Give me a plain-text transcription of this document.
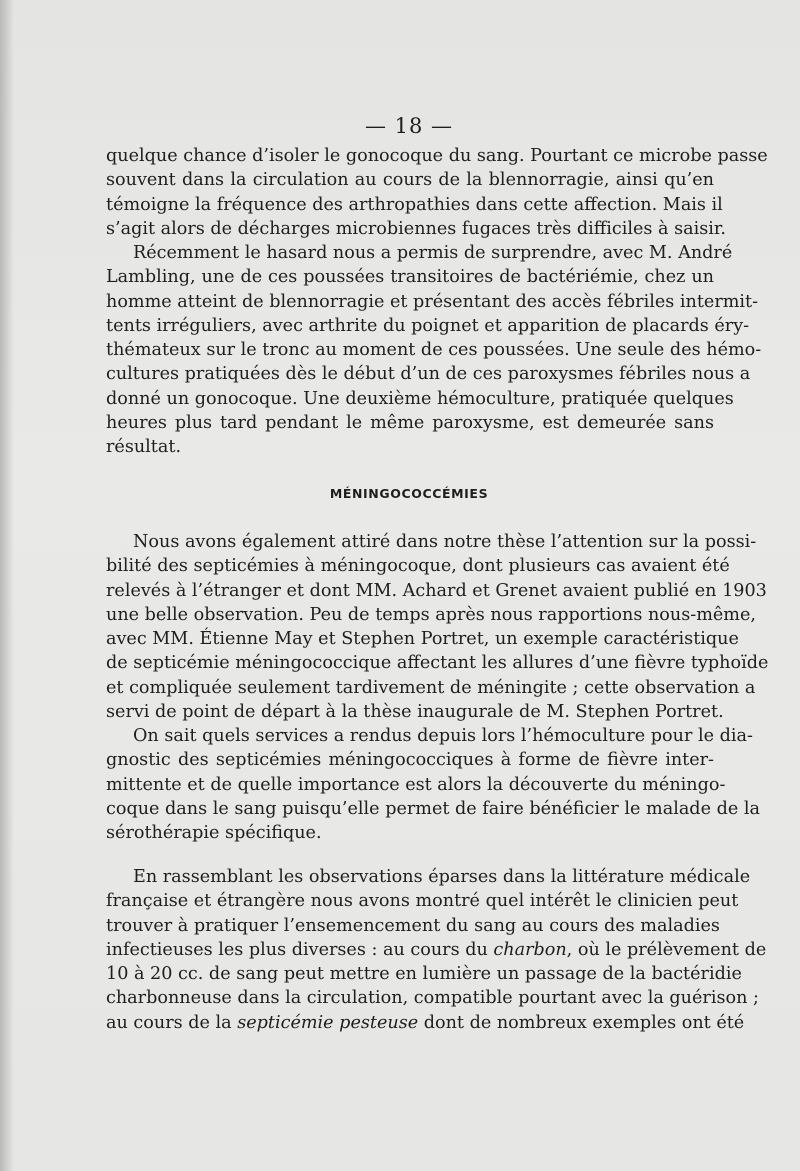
— 18 —
quelque chance d’isoler le gonocoque du sang. Pourtant ce microbe passe
souvent dans la circulation au cours de la blennorragie, ainsi qu’en
témoigne la fréquence des arthropathies dans cette affection. Mais il
s’agit alors de décharges microbiennes fugaces très difficiles à saisir.
Récemment le hasard nous a permis de surprendre, avec M. André
Lambling, une de ces poussées transitoires de bactériémie, chez un
homme atteint de blennorragie et présentant des accès fébriles intermit-
tents irréguliers, avec arthrite du poignet et apparition de placards éry-
thémateux sur le tronc au moment de ces poussées. Une seule des hémo-
cultures pratiquées dès le début d’un de ces paroxysmes fébriles nous a
donné un gonocoque. Une deuxième hémoculture, pratiquée quelques
heures plus tard pendant le même paroxysme, est demeurée sans
résultat.
MÉNINGOCOCCÉMIES
Nous avons également attiré dans notre thèse l’attention sur la possi-
bilité des septicémies à méningocoque, dont plusieurs cas avaient été
relevés à l’étranger et dont MM. Achard et Grenet avaient publié en 1903
une belle observation. Peu de temps après nous rapportions nous-même,
avec MM. Étienne May et Stephen Portret, un exemple caractéristique
de septicémie méningococcique affectant les allures d’une fièvre typhoïde
et compliquée seulement tardivement de méningite ; cette observation a
servi de point de départ à la thèse inaugurale de M. Stephen Portret.
On sait quels services a rendus depuis lors l’hémoculture pour le dia-
gnostic des septicémies méningococciques à forme de fièvre inter-
mittente et de quelle importance est alors la découverte du méningo-
coque dans le sang puisqu’elle permet de faire bénéficier le malade de la
sérothérapie spécifique.
En rassemblant les observations éparses dans la littérature médicale
française et étrangère nous avons montré quel intérêt le clinicien peut
trouver à pratiquer l’ensemencement du sang au cours des maladies
infectieuses les plus diverses : au cours du charbon, où le prélèvement de
10 à 20 cc. de sang peut mettre en lumière un passage de la bactéridie
charbonneuse dans la circulation, compatible pourtant avec la guérison ;
au cours de la septicémie pesteuse dont de nombreux exemples ont été
